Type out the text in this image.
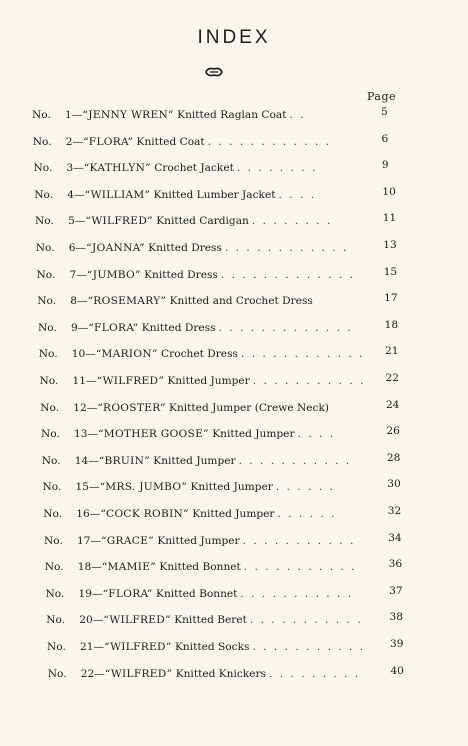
INDEX
Page
No.	1— “JENNY WREN” Knitted Raglan Coat . .	5
No.	2— “FLORA” Knitted Coat . . . . . . . . . . . .	6
No.	3— “KATHLYN” Crochet Jacket . . . . . . . .	9
No.	4— “WILLIAM” Knitted Lumber Jacket . . . .	10
No.	5— “WILFRED” Knitted Cardigan . . . . . . . .	11
No.	6— “JOANNA” Knitted Dress . . . . . . . . . . . .	13
No.	7— “JUMBO” Knitted Dress . . . . . . . . . . . . .	15
No.	8— “ROSEMARY” Knitted and Crochet Dress	17
No.	9— “FLORA” Knitted Dress . . . . . . . . . . . . .	18
No.	10— “MARION” Crochet Dress . . . . . . . . . . . . 21
No.	11— “WILFRED” Knitted Jumper . . . . . . . . . . . 22
No.	12— “ROOSTER” Knitted Jumper (Crewe Neck)	24
No.	13— “MOTHER GOOSE” Knitted Jumper . . . .	26
No.	14— “BRUIN” Knitted Jumper . . . . . . . . . . .	28
No.	15— “MRS. JUMBO” Knitted Jumper . . . . . .	30
No.	16— “COCK ROBIN” Knitted Jumper . . . . . .	32
No.	17— “GRACE” Knitted Jumper . . . . . . . . . . .	34
No.	18— “MAMIE” Knitted Bonnet . . . . . . . . . . .	36
No.	19— “FLORA” Knitted Bonnet . . . . . . . . . . .	37
No.	20— “WILFRED” Knitted Beret . . . . . . . . . . .	38
No.	21— “WILFRED” Knitted Socks . . . . . . . . . . . 39
No.	22— “WILFRED” Knitted Knickers . . . . . . . . .	40
